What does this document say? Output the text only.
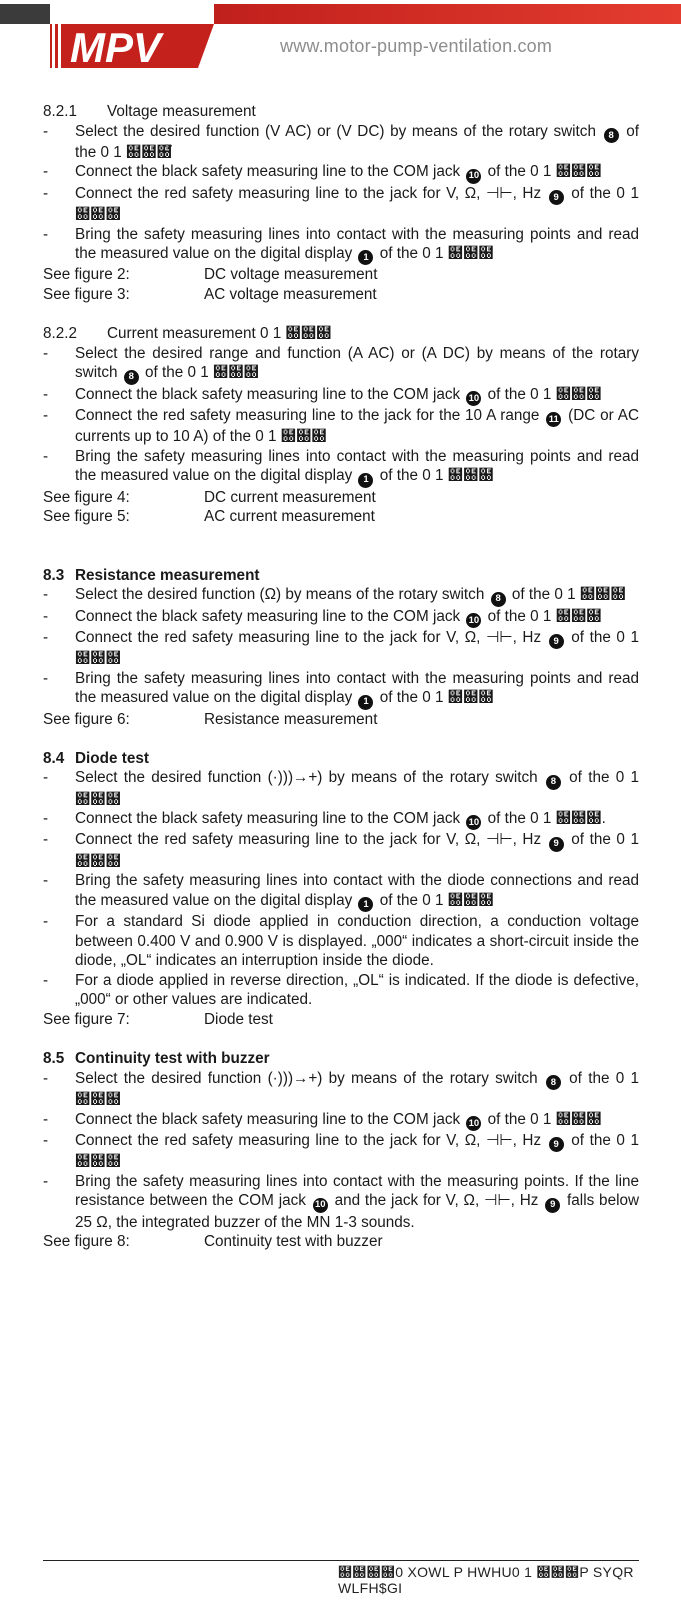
MPV	www.motor-pump-ventilation.com
8.2.1	Voltage measurement
-	Select the desired function (V AC) or (V DC) by means of the rotary switch 8 of the 0 1 ฀฀฀ึ
-	Connect the black safety measuring line to the COM jack 10 of the 0 1 ฀฀฀
-	Connect the red safety measuring line to the jack for V, Ω, ⊣⊢, Hz 9 of the 0 1 ฀฀฀
-	Bring the safety measuring lines into contact with the measuring points and read the measured value on the digital display 1 of the 0 1 ฀฀฀
See figure 2:	DC voltage measurement
See figure 3:	AC voltage measurement
8.2.2	Current measurement 0 1 ฀฀฀
-	Select the desired range and function (A AC) or (A DC) by means of the rotary switch 8 of the 0 1 ฀฀฀
-	Connect the black safety measuring line to the COM jack 10 of the 0 1 ฀฀฀
-	Connect the red safety measuring line to the jack for the 10 A range 11 (DC or AC currents up to 10 A) of the 0 1 ฀฀฀
-	Bring the safety measuring lines into contact with the measuring points and read the measured value on the digital display 1 of the 0 1 ฀฀฀
See figure 4:	DC current measurement
See figure 5:	AC current measurement
8.3 Resistance measurement
-	Select the desired function (Ω) by means of the rotary switch 8 of the 0 1 ฀฀฀
-	Connect the black safety measuring line to the COM jack 10 of the 0 1 ฀฀฀
-	Connect the red safety measuring line to the jack for V, Ω, ⊣⊢, Hz 9 of the 0 1 ฀฀฀
-	Bring the safety measuring lines into contact with the measuring points and read the measured value on the digital display 1 of the 0 1 ฀฀฀
See figure 6:	Resistance measurement
8.4 Diode test
-	Select the desired function (·)))→+) by means of the rotary switch 8 of the 0 1 ฀฀฀
-	Connect the black safety measuring line to the COM jack 10 of the 0 1 ฀฀฀.
-	Connect the red safety measuring line to the jack for V, Ω, ⊣⊢, Hz 9 of the 0 1 ฀฀฀
-	Bring the safety measuring lines into contact with the diode connections and read the measured value on the digital display 1 of the 0 1 ฀฀฀
-	For a standard Si diode applied in conduction direction, a conduction voltage between 0.400 V and 0.900 V is displayed. „000“ indicates a short-circuit inside the diode, „OL“ indicates an interruption inside the diode.
-	For a diode applied in reverse direction, „OL“ is indicated. If the diode is defective, „000“ or other values are indicated.
See figure 7:	Diode test
8.5 Continuity test with buzzer
-	Select the desired function (·)))→+) by means of the rotary switch 8 of the 0 1 ฀฀฀
-	Connect the black safety measuring line to the COM jack 10 of the 0 1 ฀฀฀
-	Connect the red safety measuring line to the jack for V, Ω, ⊣⊢, Hz 9 of the 0 1 ฀฀฀
-	Bring the safety measuring lines into contact with the measuring points. If the line resistance between the COM jack 10 and the jack for V, Ω, ⊣⊢, Hz 9 falls below 25 Ω, the integrated buzzer of the MN 1-3 sounds.
See figure 8:	Continuity test with buzzer
฀฀฀฀0 XOWL P HWHU0 1 ฀฀฀P SYQR WLFH$GI
